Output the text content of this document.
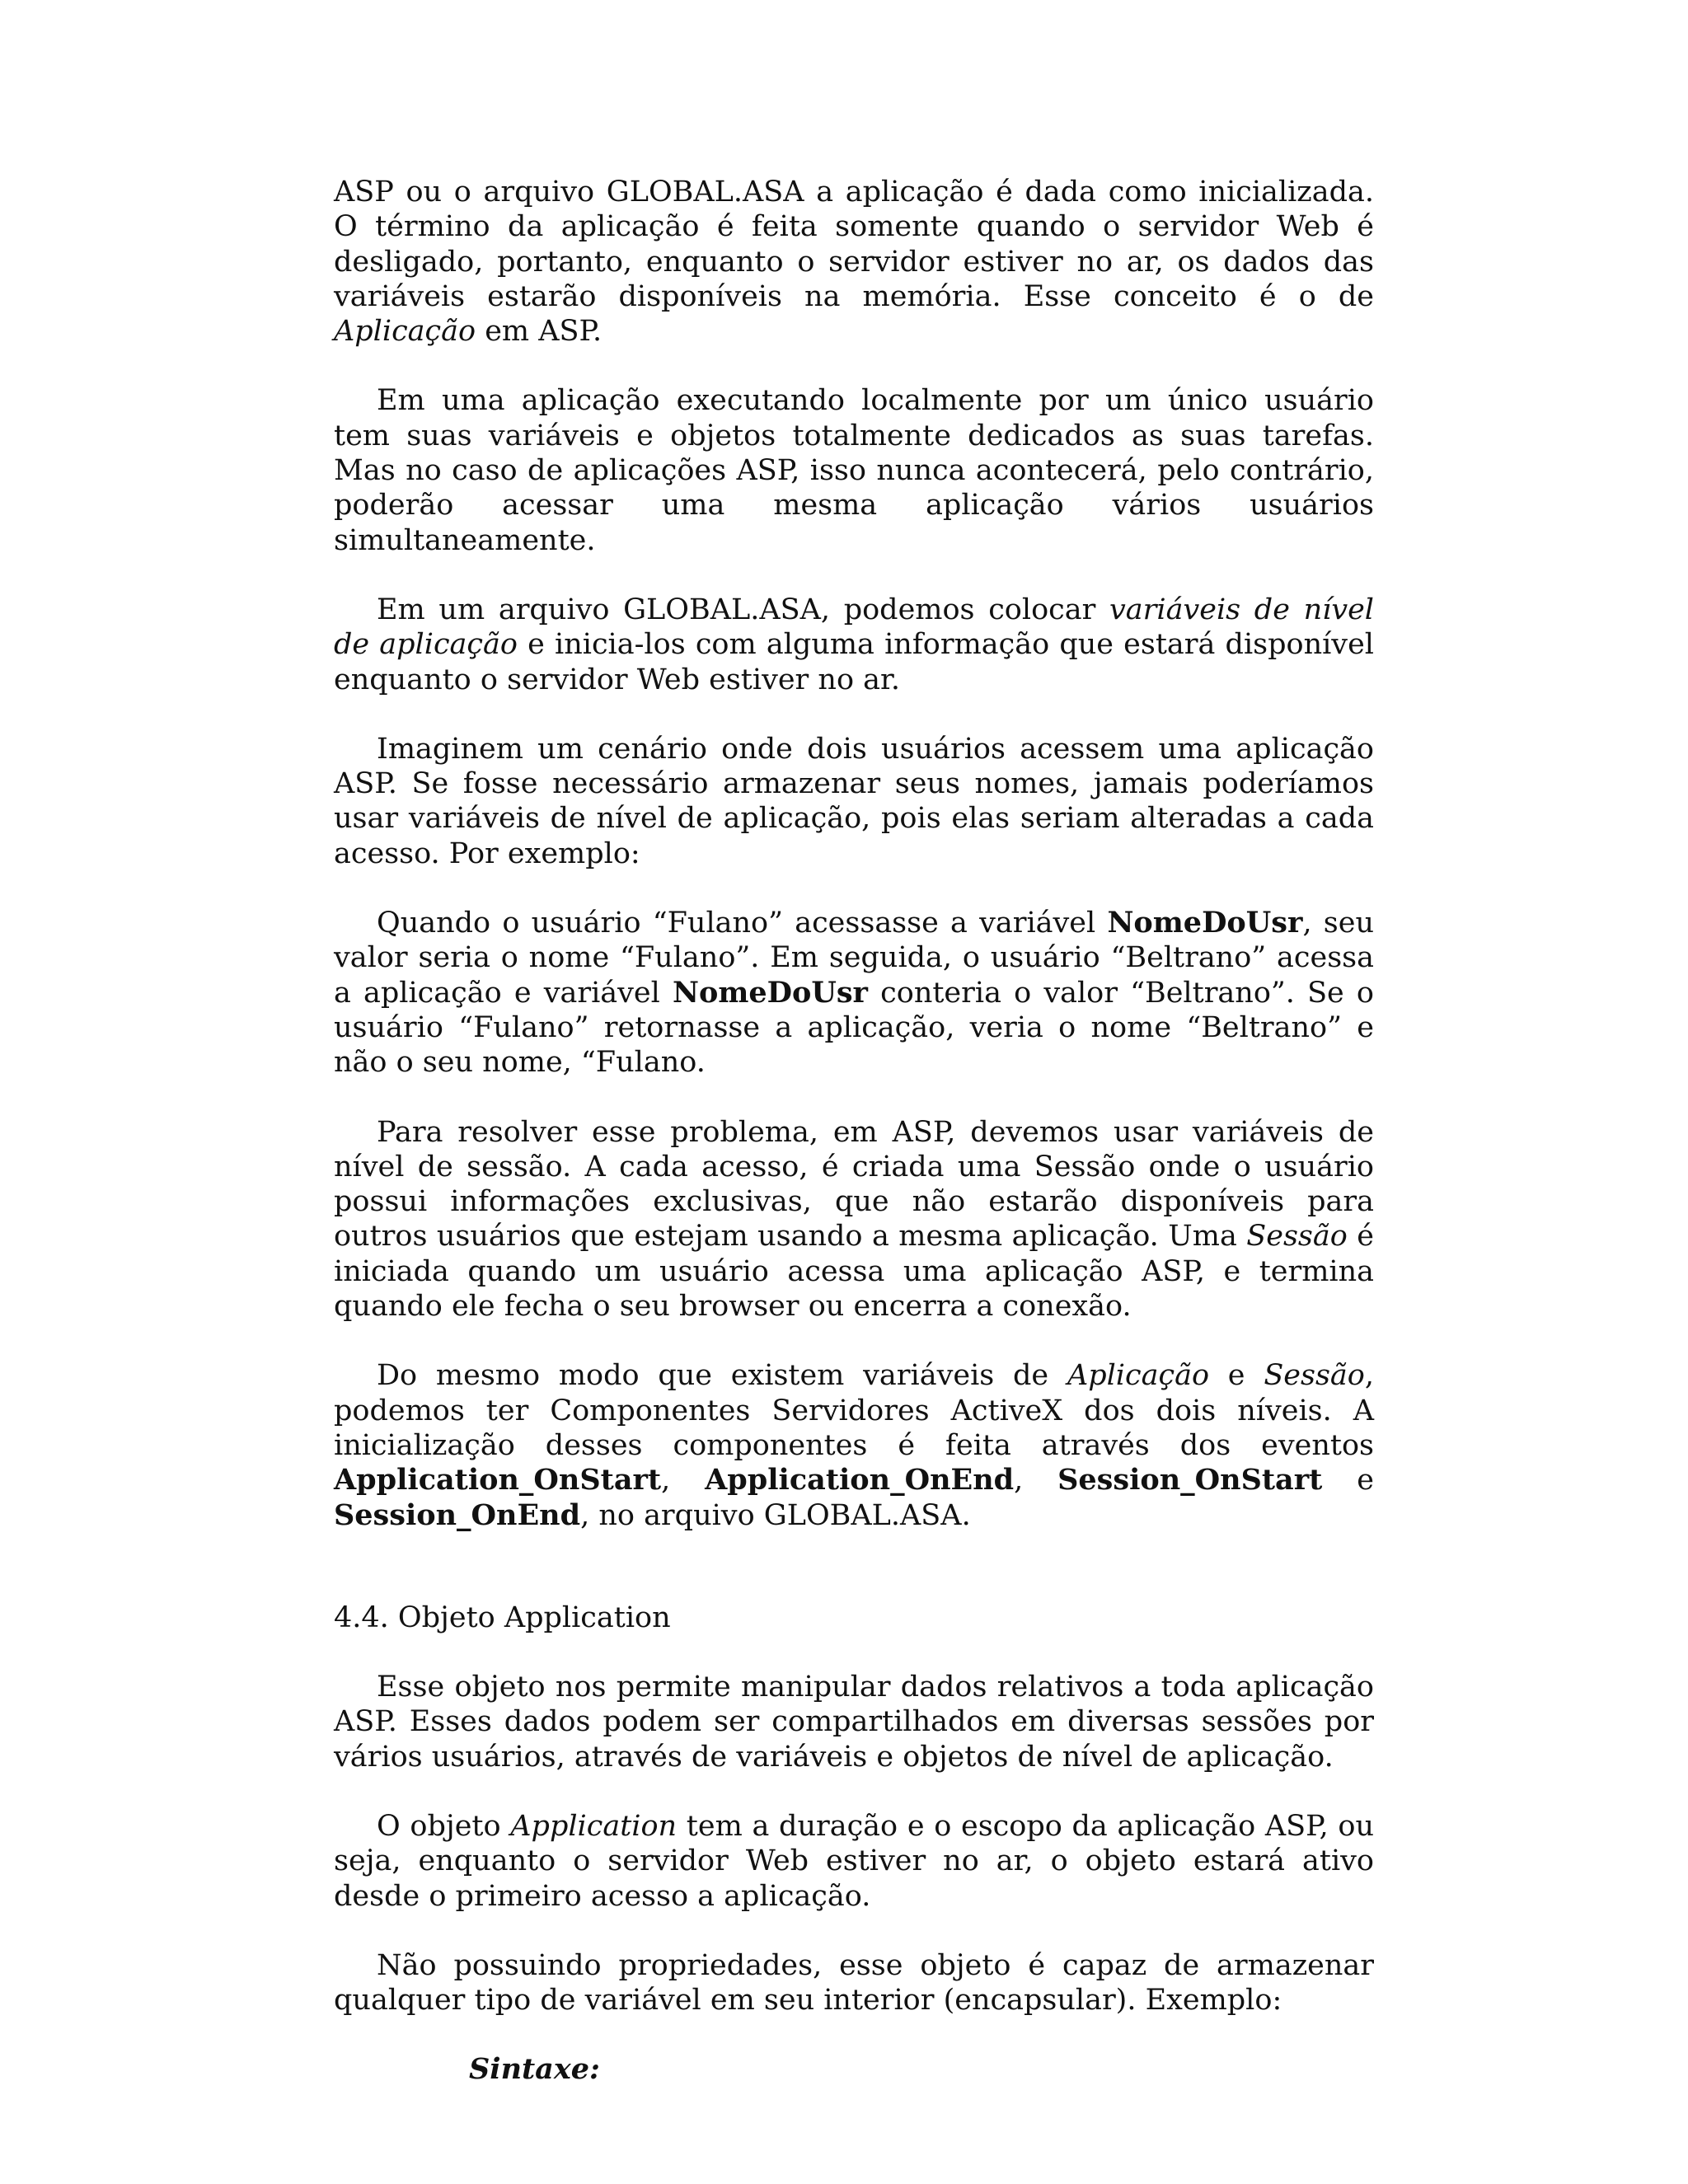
ASP ou o arquivo GLOBAL.ASA a aplicação é dada como inicializada. O término da aplicação é feita somente quando o servidor Web é desligado, portanto, enquanto o servidor estiver no ar, os dados das variáveis estarão disponíveis na memória. Esse conceito é o de Aplicação em ASP.

Em uma aplicação executando localmente por um único usuário tem suas variáveis e objetos totalmente dedicados as suas tarefas. Mas no caso de aplicações ASP, isso nunca acontecerá, pelo contrário, poderão acessar uma mesma aplicação vários usuários simultaneamente.

Em um arquivo GLOBAL.ASA, podemos colocar variáveis de nível de aplicação e inicia-los com alguma informação que estará disponível enquanto o servidor Web estiver no ar.

Imaginem um cenário onde dois usuários acessem uma aplicação ASP. Se fosse necessário armazenar seus nomes, jamais poderíamos usar variáveis de nível de aplicação, pois elas seriam alteradas a cada acesso. Por exemplo:

Quando o usuário “Fulano” acessasse a variável NomeDoUsr, seu valor seria o nome “Fulano”. Em seguida, o usuário “Beltrano” acessa a aplicação e variável NomeDoUsr conteria o valor “Beltrano”. Se o usuário “Fulano” retornasse a aplicação, veria o nome “Beltrano” e não o seu nome, “Fulano.

Para resolver esse problema, em ASP, devemos usar variáveis de nível de sessão. A cada acesso, é criada uma Sessão onde o usuário possui informações exclusivas, que não estarão disponíveis para outros usuários que estejam usando a mesma aplicação. Uma Sessão é iniciada quando um usuário acessa uma aplicação ASP, e termina quando ele fecha o seu browser ou encerra a conexão.

Do mesmo modo que existem variáveis de Aplicação e Sessão, podemos ter Componentes Servidores ActiveX dos dois níveis. A inicialização desses componentes é feita através dos eventos Application_OnStart, Application_OnEnd, Session_OnStart e Session_OnEnd, no arquivo GLOBAL.ASA.

4.4. Objeto Application

Esse objeto nos permite manipular dados relativos a toda aplicação ASP. Esses dados podem ser compartilhados em diversas sessões por vários usuários, através de variáveis e objetos de nível de aplicação.

O objeto Application tem a duração e o escopo da aplicação ASP, ou seja, enquanto o servidor Web estiver no ar, o objeto estará ativo desde o primeiro acesso a aplicação.

Não possuindo propriedades, esse objeto é capaz de armazenar qualquer tipo de variável em seu interior (encapsular). Exemplo:

Sintaxe:
